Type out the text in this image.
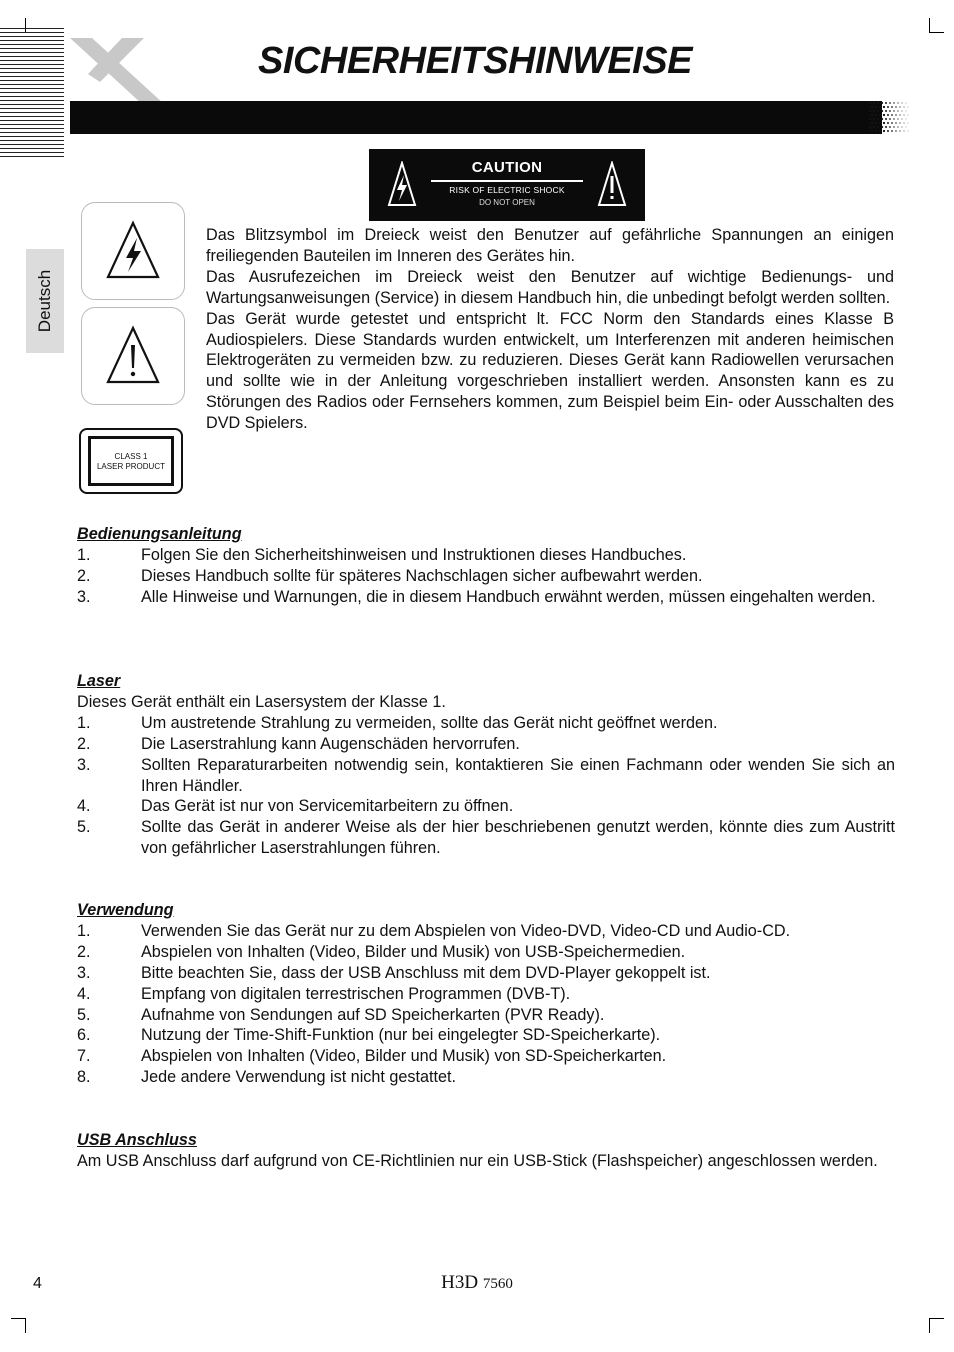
SICHERHEITSHINWEISE
Deutsch
CAUTION
RISK OF ELECTRIC SHOCK
DO NOT OPEN
CLASS 1
LASER PRODUCT

Das Blitzsymbol im Dreieck weist den Benutzer auf gefährliche Spannungen an einigen freiliegenden Bauteilen im Inneren des Gerätes hin.

Das Ausrufezeichen im Dreieck weist den Benutzer auf wichtige Bedienungs- und Wartungsanweisungen (Service) in diesem Handbuch hin, die unbedingt befolgt werden sollten.

Das Gerät wurde getestet und entspricht lt. FCC Norm den Standards eines Klasse B Audiospielers. Diese Standards wurden entwickelt, um Interferenzen mit anderen heimischen Elektrogeräten zu vermeiden bzw. zu reduzieren. Dieses Gerät kann Radiowellen verursachen und sollte wie in der Anleitung vorgeschrieben installiert werden. Ansonsten kann es zu Störungen des Radios oder Fernsehers kommen, zum Beispiel beim Ein- oder Ausschalten des DVD Spielers.

Bedienungsanleitung

1.	Folgen Sie den Sicherheitshinweisen und Instruktionen dieses Handbuches.
2.	Dieses Handbuch sollte für späteres Nachschlagen sicher aufbewahrt werden.
3.	Alle Hinweise und Warnungen, die in diesem Handbuch erwähnt werden, müssen eingehalten werden.

Laser

Dieses Gerät enthält ein Lasersystem der Klasse 1.

1.	Um austretende Strahlung zu vermeiden, sollte das Gerät nicht geöffnet werden.
2.	Die Laserstrahlung kann Augenschäden hervorrufen.
3.	Sollten Reparaturarbeiten notwendig sein, kontaktieren Sie einen Fachmann oder wenden Sie sich an Ihren Händler.
4.	Das Gerät ist nur von Servicemitarbeitern zu öffnen.
5.	Sollte das Gerät in anderer Weise als der hier beschriebenen genutzt werden, könnte dies zum Austritt von gefährlicher Laserstrahlungen führen.

Verwendung

1.	Verwenden Sie das Gerät nur zu dem Abspielen von Video-DVD, Video-CD und Audio-CD.
2.	Abspielen von Inhalten (Video, Bilder und Musik) von USB-Speichermedien.
3.	Bitte beachten Sie, dass der USB Anschluss mit dem DVD-Player gekoppelt ist.
4.	Empfang von digitalen terrestrischen Programmen (DVB-T).
5.	Aufnahme von Sendungen auf SD Speicherkarten (PVR Ready).
6.	Nutzung der Time-Shift-Funktion (nur bei eingelegter SD-Speicherkarte).
7.	Abspielen von Inhalten (Video, Bilder und Musik) von SD-Speicherkarten.
8.	Jede andere Verwendung ist nicht gestattet.

USB Anschluss

Am USB Anschluss darf aufgrund von CE-Richtlinien nur ein USB-Stick (Flashspeicher) angeschlossen werden.

4	H3D 7560
